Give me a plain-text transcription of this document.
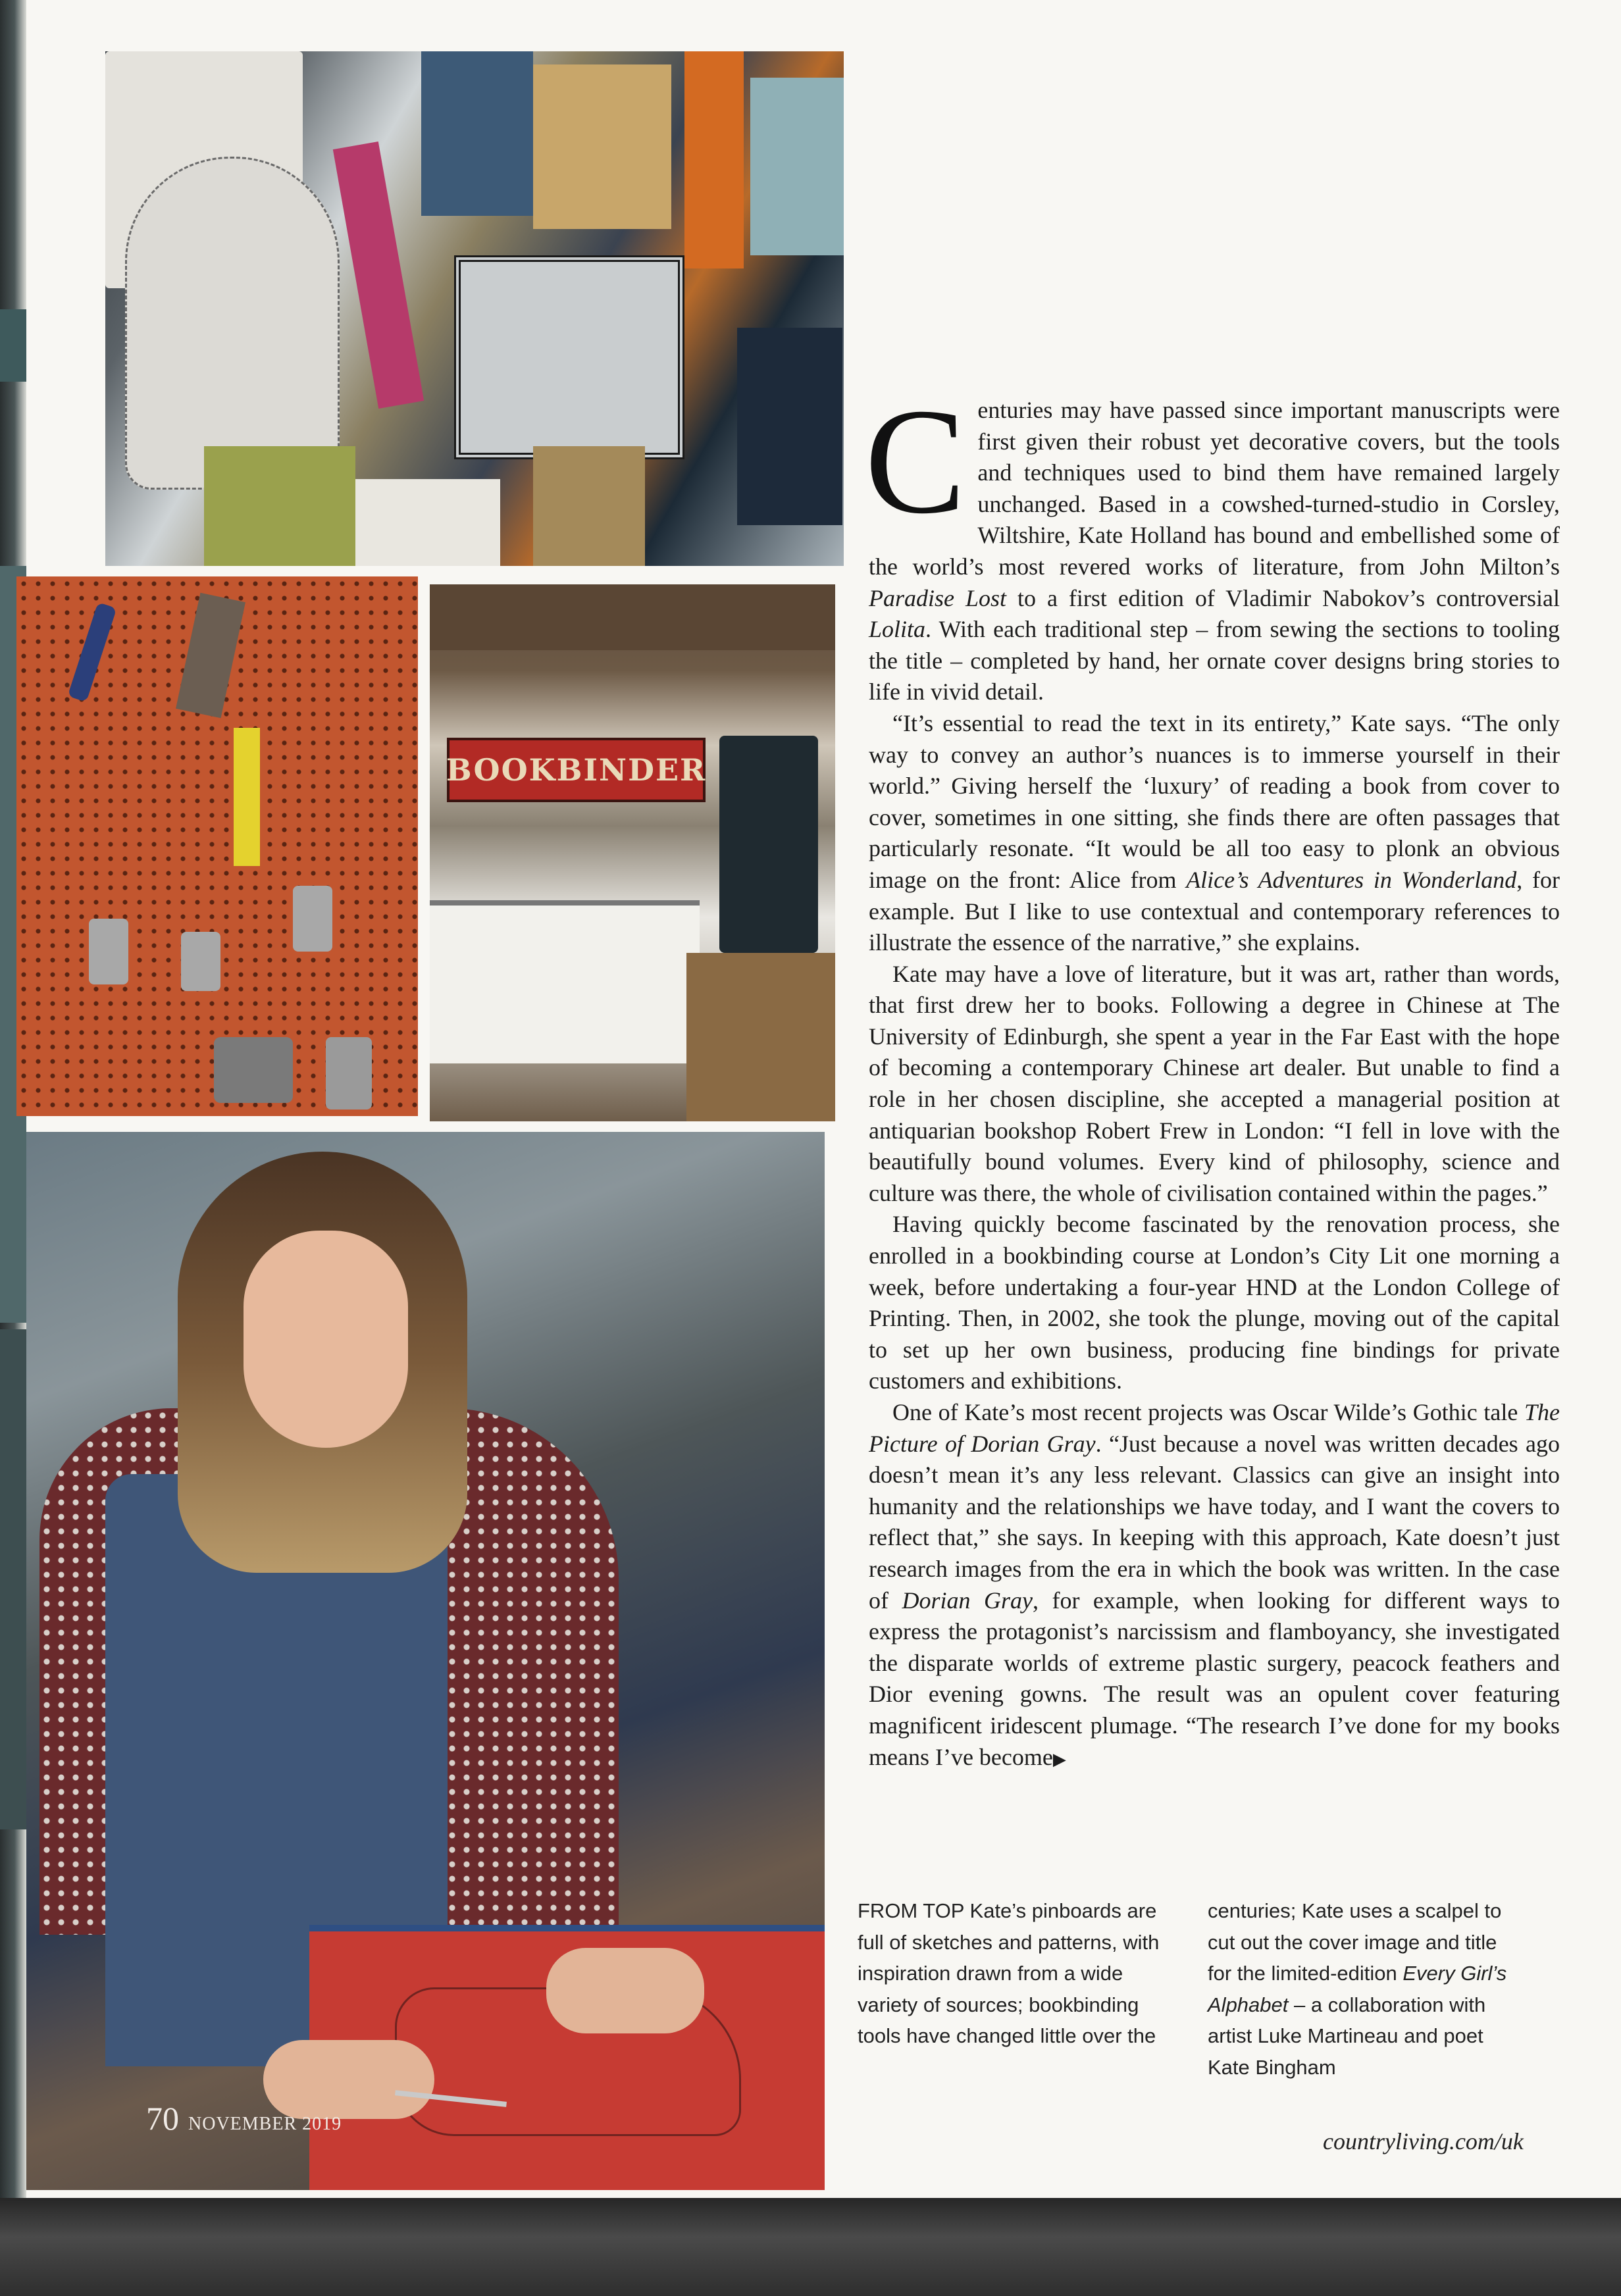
BOOKBINDER

Centuries may have passed since important manuscripts were first given their robust yet decorative covers, but the tools and techniques used to bind them have remained largely unchanged. Based in a cowshed-turned-studio in Corsley, Wiltshire, Kate Holland has bound and embellished some of the world’s most revered works of literature, from John Milton’s Paradise Lost to a first edition of Vladimir Nabokov’s controversial Lolita. With each traditional step – from sewing the sections to tooling the title – completed by hand, her ornate cover designs bring stories to life in vivid detail.

“It’s essential to read the text in its entirety,” Kate says. “The only way to convey an author’s nuances is to immerse yourself in their world.” Giving herself the ‘luxury’ of reading a book from cover to cover, sometimes in one sitting, she finds there are often passages that particularly resonate. “It would be all too easy to plonk an obvious image on the front: Alice from Alice’s Adventures in Wonderland, for example. But I like to use contextual and contemporary references to illustrate the essence of the narrative,” she explains.

Kate may have a love of literature, but it was art, rather than words, that first drew her to books. Following a degree in Chinese at The University of Edinburgh, she spent a year in the Far East with the hope of becoming a contemporary Chinese art dealer. But unable to find a role in her chosen discipline, she accepted a managerial position at antiquarian bookshop Robert Frew in London: “I fell in love with the beautifully bound volumes. Every kind of philosophy, science and culture was there, the whole of civilisation contained within the pages.”

Having quickly become fascinated by the renovation process, she enrolled in a bookbinding course at London’s City Lit one morning a week, before undertaking a four-year HND at the London College of Printing. Then, in 2002, she took the plunge, moving out of the capital to set up her own business, producing fine bindings for private customers and exhibitions.

One of Kate’s most recent projects was Oscar Wilde’s Gothic tale The Picture of Dorian Gray. “Just because a novel was written decades ago doesn’t mean it’s any less relevant. Classics can give an insight into humanity and the relationships we have today, and I want the covers to reflect that,” she says. In keeping with this approach, Kate doesn’t just research images from the era in which the book was written. In the case of Dorian Gray, for example, when looking for different ways to express the protagonist’s narcissism and flamboyancy, she investigated the disparate worlds of extreme plastic surgery, peacock feathers and Dior evening gowns. The result was an opulent cover featuring magnificent iridescent plumage. “The research I’ve done for my books means I’ve become▶

FROM TOP Kate’s pinboards are full of sketches and patterns, with inspiration drawn from a wide variety of sources; bookbinding tools have changed little over the
centuries; Kate uses a scalpel to cut out the cover image and title for the limited-edition Every Girl’s Alphabet – a collaboration with artist Luke Martineau and poet Kate Bingham
70 NOVEMBER 2019
countryliving.com/uk
